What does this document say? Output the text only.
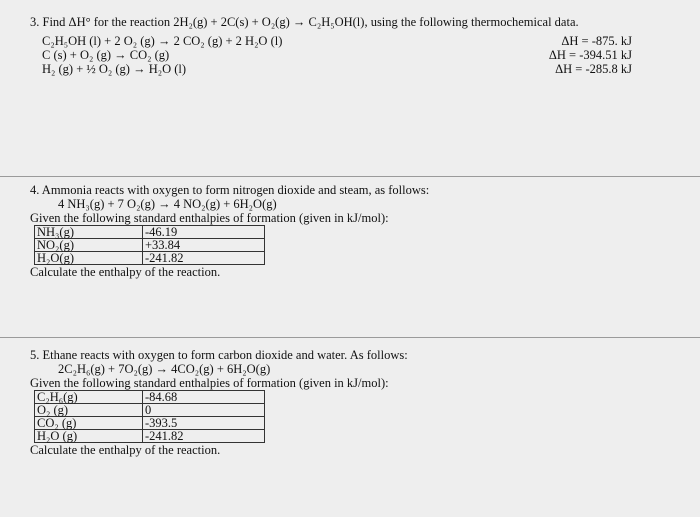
3. Find ΔH° for the reaction 2H₂(g) + 2C(s) + O₂(g) → C₂H₅OH(l), using the following thermochemical data.
C₂H₅OH (l) + 2 O₂ (g) → 2 CO₂ (g) + 2 H₂O (l)	ΔH = -875. kJ
C (s) + O₂ (g) → CO₂ (g)	ΔH = -394.51 kJ
H₂ (g) + ½ O₂ (g) → H₂O (l)	ΔH = -285.8 kJ
4. Ammonia reacts with oxygen to form nitrogen dioxide and steam, as follows:
4 NH₃(g) + 7 O₂(g) → 4 NO₂(g) + 6H₂O(g)
Given the following standard enthalpies of formation (given in kJ/mol):
NH₃(g)	-46.19
NO₂(g)	+33.84
H₂O(g)	-241.82
Calculate the enthalpy of the reaction.
5. Ethane reacts with oxygen to form carbon dioxide and water. As follows:
2C₂H₆(g) + 7O₂(g) → 4CO₂(g) + 6H₂O(g)
Given the following standard enthalpies of formation (given in kJ/mol):
C₂H₆(g)	-84.68
O₂ (g)	0
CO₂ (g)	-393.5
H₂O (g)	-241.82
Calculate the enthalpy of the reaction.
